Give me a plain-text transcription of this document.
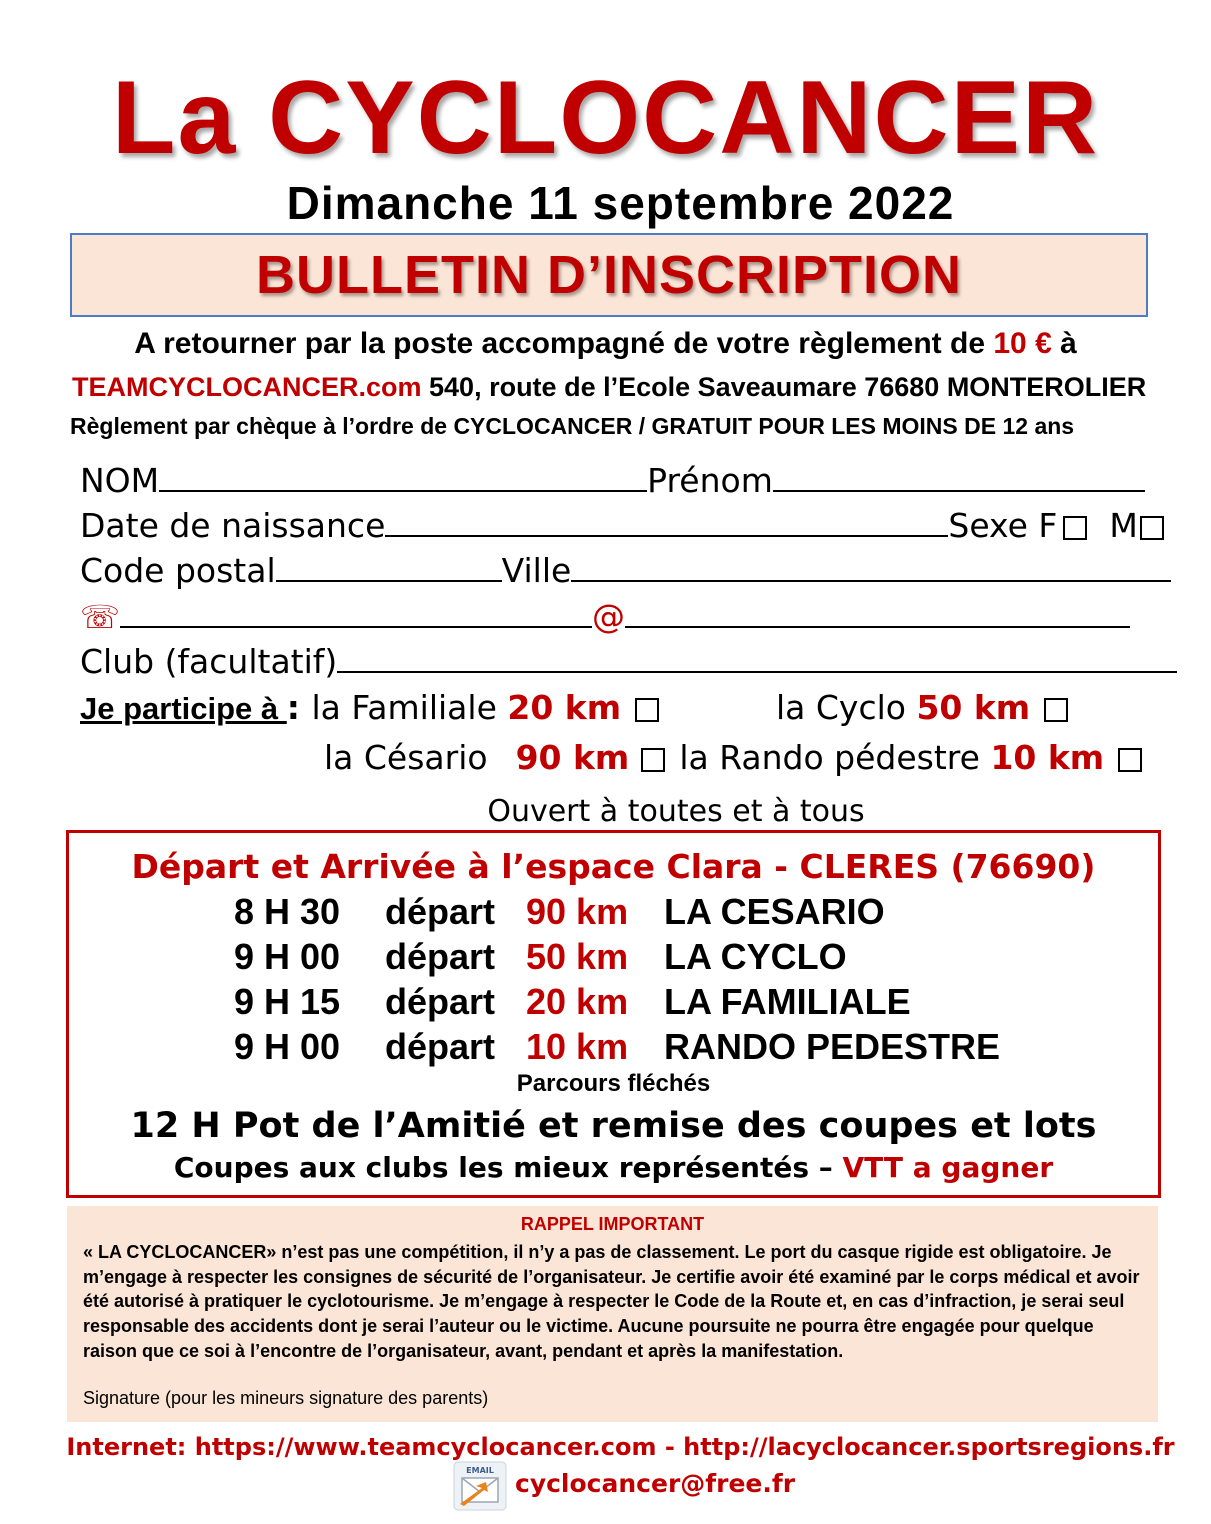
La CYCLOCANCER
Dimanche 11 septembre 2022
BULLETIN D’INSCRIPTION
A retourner par la poste accompagné de votre règlement de 10 € à
TEAMCYCLOCANCER.com 540, route de l’Ecole Saveaumare 76680 MONTEROLIER
Règlement par chèque à l’ordre de CYCLOCANCER / GRATUIT POUR LES MOINS DE 12 ans
NOM	Prénom
Date de naissance	Sexe F M
Code postal	Ville
☏	@
Club (facultatif)
Je participe à : la Familiale 20 km	la Cyclo 50 km
la Césario 90 km la Rando pédestre 10 km
Ouvert à toutes et à tous
Départ et Arrivée à l’espace Clara - CLERES (76690)
8 H 30 départ 90 km LA CESARIO
9 H 00 départ 50 km LA CYCLO
9 H 15 départ 20 km LA FAMILIALE
9 H 00 départ 10 km RANDO PEDESTRE
Parcours fléchés
12 H Pot de l’Amitié et remise des coupes et lots
Coupes aux clubs les mieux représentés – VTT a gagner
RAPPEL IMPORTANT
« LA CYCLOCANCER» n’est pas une compétition, il n’y a pas de classement. Le port du casque rigide est obligatoire. Je m’engage à respecter les consignes de sécurité de l’organisateur. Je certifie avoir été examiné par le corps médical et avoir été autorisé à pratiquer le cyclotourisme. Je m’engage à respecter le Code de la Route et, en cas d’infraction, je serai seul responsable des accidents dont je serai l’auteur ou le victime. Aucune poursuite ne pourra être engagée pour quelque raison que ce soi à l’encontre de l’organisateur, avant, pendant et après la manifestation.
Signature (pour les mineurs signature des parents)
Internet: https://www.teamcyclocancer.com - http://lacyclocancer.sportsregions.fr
EMAIL cyclocancer@free.fr
